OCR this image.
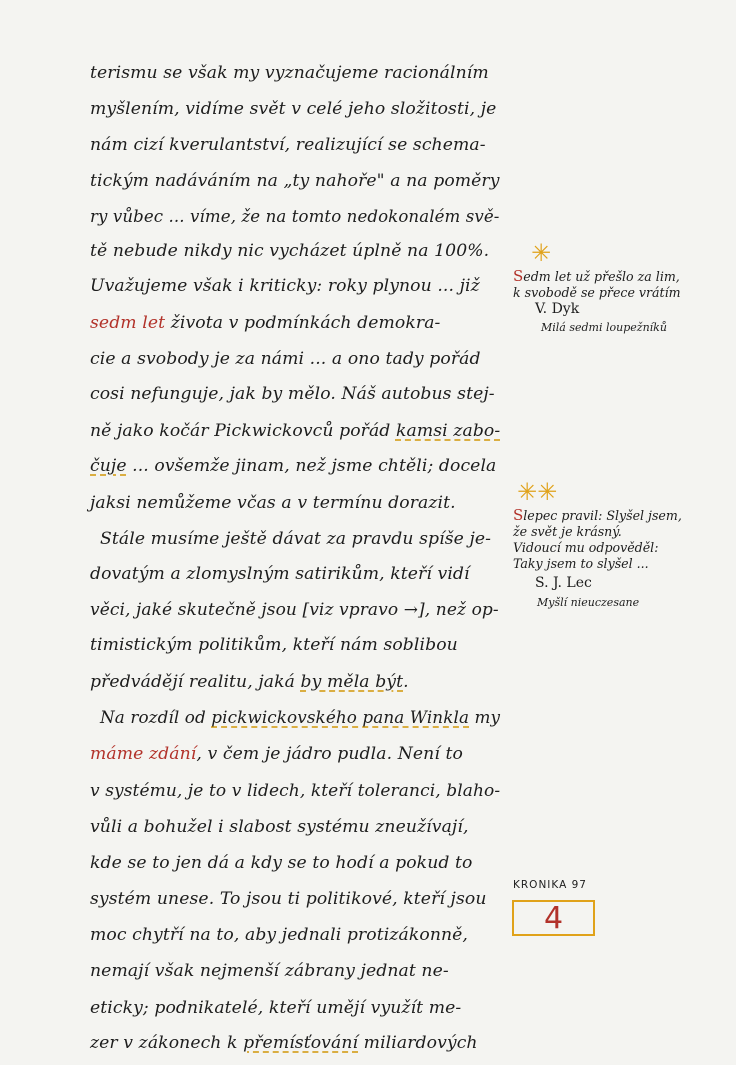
terismu se však my vyznačujeme racionálním
myšlením, vidíme svět v celé jeho složitosti, je
nám cizí kverulantství, realizující se schema-
tickým nadáváním na „ty nahoře" a na poměry
ry vůbec ... víme, že na tomto nedokonalém svě-
tě nebude nikdy nic vycházet úplně na 100%.
Uvažujeme však i kriticky: roky plynou ... již
sedm let života v podmínkách demokra-
cie a svobody je za námi ... a ono tady pořád
cosi nefunguje, jak by mělo. Náš autobus stej-
ně jako kočár Pickwickovců pořád kamsi zabo-
čuje ... ovšemže jinam, než jsme chtěli; docela
jaksi nemůžeme včas a v termínu dorazit.
Stále musíme ještě dávat za pravdu spíše je-
dovatým a zlomyslným satirikům, kteří vidí
věci, jaké skutečně jsou [viz vpravo →], než op-
timistickým politikům, kteří nám soblibou
předvádějí realitu, jaká by měla být.
Na rozdíl od pickwickovského pana Winkla my
máme zdání, v čem je jádro pudla. Není to
v systému, je to v lidech, kteří toleranci, blaho-
vůli a bohužel i slabost systému zneužívají,
kde se to jen dá a kdy se to hodí a pokud to
systém unese. To jsou ti politikové, kteří jsou
moc chytří na to, aby jednali protizákonně,
nemají však nejmenší zábrany jednat ne-
eticky; podnikatelé, kteří umějí využít me-
zer v zákonech k přemísťování miliardových
✳
Sedm let už přešlo za lim,
k svobodě se přece vrátím
V. Dyk
Milá sedmi loupežníků
✳✳
Slepec pravil: Slyšel jsem,
že svět je krásný.
Vidoucí mu odpověděl:
Taky jsem to slyšel ...
S. J. Lec
Myšlí nieuczesane
KRONIKA 97
4
